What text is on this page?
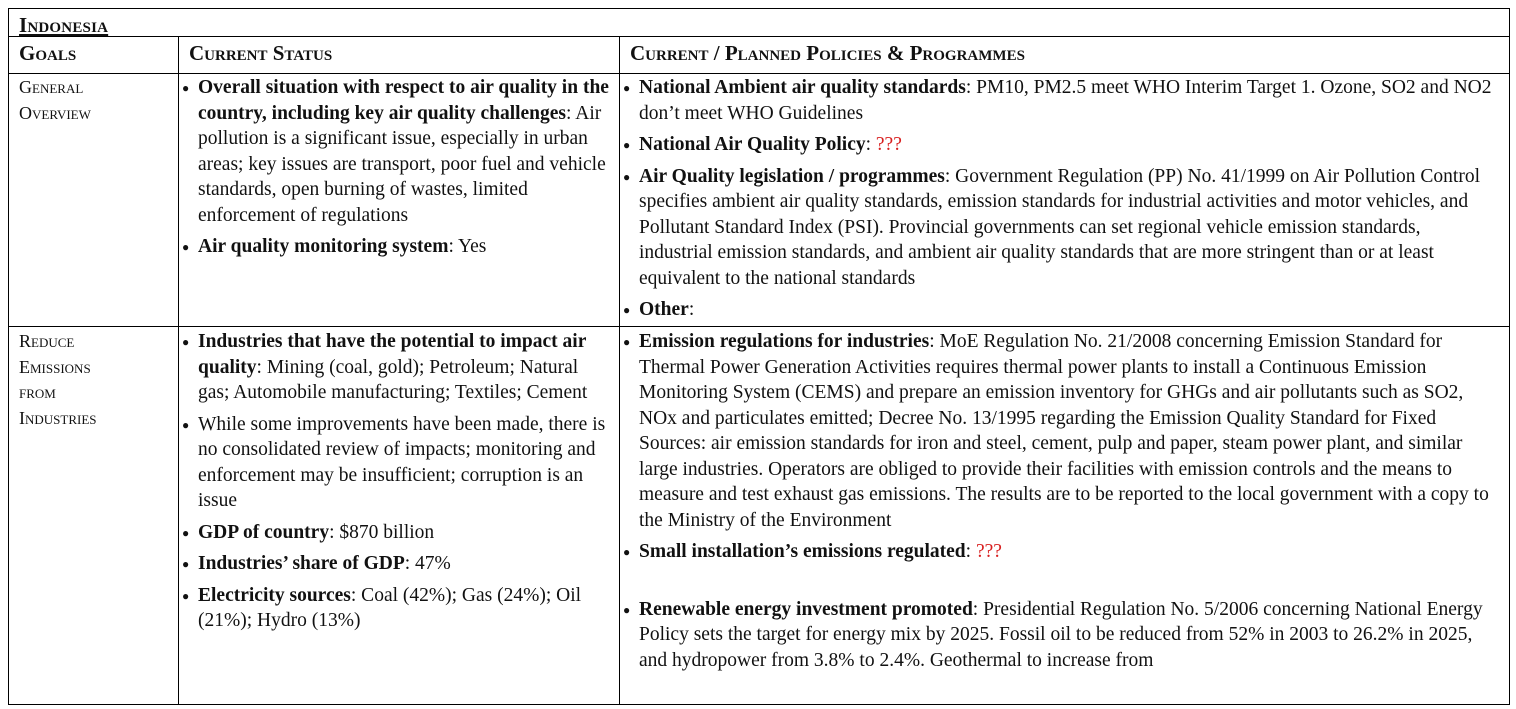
Indonesia
Goals	Current Status	Current / Planned Policies & Programmes
General
Overview
● Overall situation with respect to air quality in the country, including key air quality challenges: Air pollution is a significant issue, especially in urban areas; key issues are transport, poor fuel and vehicle standards, open burning of wastes, limited enforcement of regulations
● Air quality monitoring system: Yes
● National Ambient air quality standards: PM10, PM2.5 meet WHO Interim Target 1. Ozone, SO2 and NO2 don’t meet WHO Guidelines
● National Air Quality Policy: ???
● Air Quality legislation / programmes: Government Regulation (PP) No. 41/1999 on Air Pollution Control specifies ambient air quality standards, emission standards for industrial activities and motor vehicles, and Pollutant Standard Index (PSI). Provincial governments can set regional vehicle emission standards, industrial emission standards, and ambient air quality standards that are more stringent than or at least equivalent to the national standards
● Other:
Reduce
Emissions
from
Industries
● Industries that have the potential to impact air quality: Mining (coal, gold); Petroleum; Natural gas; Automobile manufacturing; Textiles; Cement
● While some improvements have been made, there is no consolidated review of impacts; monitoring and enforcement may be insufficient; corruption is an issue
● GDP of country: $870 billion
● Industries’ share of GDP: 47%
● Electricity sources: Coal (42%); Gas (24%); Oil (21%); Hydro (13%)
● Emission regulations for industries: MoE Regulation No. 21/2008 concerning Emission Standard for Thermal Power Generation Activities requires thermal power plants to install a Continuous Emission Monitoring System (CEMS) and prepare an emission inventory for GHGs and air pollutants such as SO2, NOx and particulates emitted; Decree No. 13/1995 regarding the Emission Quality Standard for Fixed Sources: air emission standards for iron and steel, cement, pulp and paper, steam power plant, and similar large industries. Operators are obliged to provide their facilities with emission controls and the means to measure and test exhaust gas emissions. The results are to be reported to the local government with a copy to the Ministry of the Environment
● Small installation’s emissions regulated: ???
● Renewable energy investment promoted: Presidential Regulation No. 5/2006 concerning National Energy Policy sets the target for energy mix by 2025. Fossil oil to be reduced from 52% in 2003 to 26.2% in 2025, and hydropower from 3.8% to 2.4%. Geothermal to increase from
